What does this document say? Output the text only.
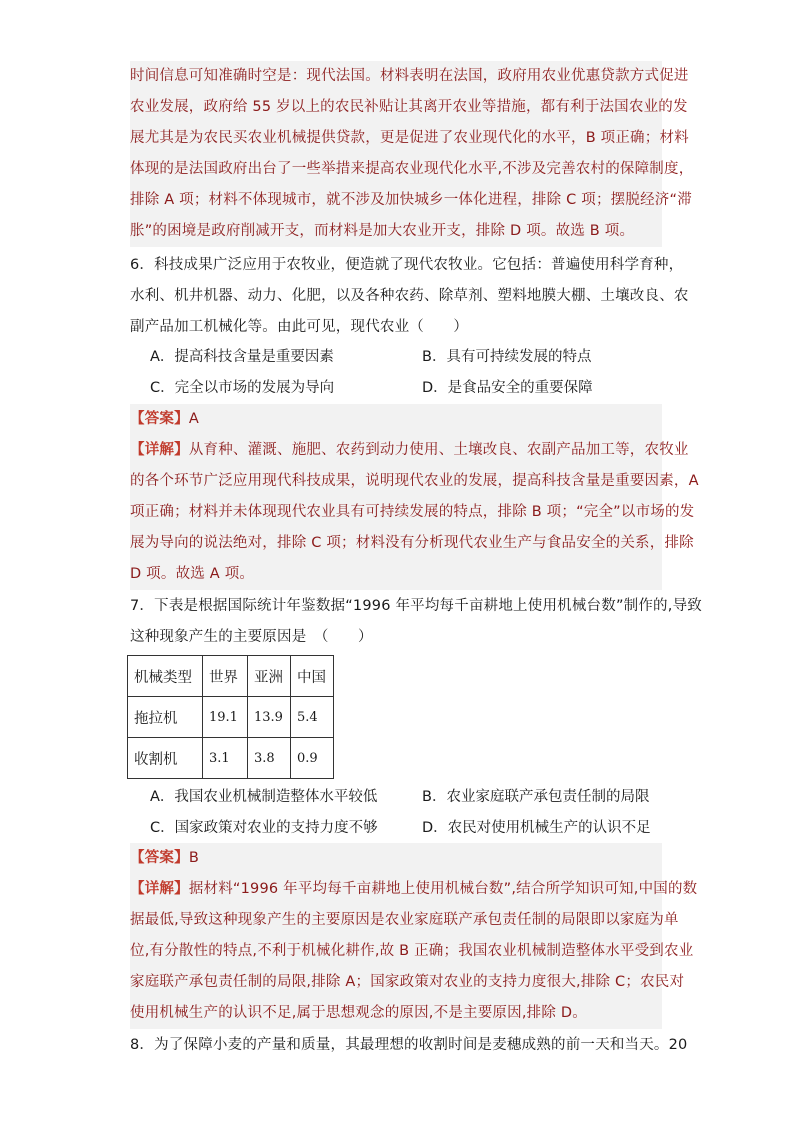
时间信息可知准确时空是：现代法国。材料表明在法国，政府用农业优惠贷款方式促进
农业发展，政府给 55 岁以上的农民补贴让其离开农业等措施，都有利于法国农业的发
展尤其是为农民买农业机械提供贷款，更是促进了农业现代化的水平，B 项正确；材料
体现的是法国政府出台了一些举措来提高农业现代化水平,不涉及完善农村的保障制度，
排除 A 项；材料不体现城市，就不涉及加快城乡一体化进程，排除 C 项；摆脱经济“滞
胀”的困境是政府削减开支，而材料是加大农业开支，排除 D 项。故选 B 项。
6．科技成果广泛应用于农牧业，便造就了现代农牧业。它包括：普遍使用科学育种，
水利、机井机器、动力、化肥，以及各种农药、除草剂、塑料地膜大棚、土壤改良、农
副产品加工机械化等。由此可见，现代农业（　　）
A．提高科技含量是重要因素	B．具有可持续发展的特点
C．完全以市场的发展为导向	D．是食品安全的重要保障
【答案】A
【详解】从育种、灌溉、施肥、农药到动力使用、土壤改良、农副产品加工等，农牧业
的各个环节广泛应用现代科技成果，说明现代农业的发展，提高科技含量是重要因素，A
项正确；材料并未体现现代农业具有可持续发展的特点，排除 B 项；“完全”以市场的发
展为导向的说法绝对，排除 C 项；材料没有分析现代农业生产与食品安全的关系，排除
D 项。故选 A 项。
7．下表是根据国际统计年鉴数据“1996 年平均每千亩耕地上使用机械台数”制作的,导致
这种现象产生的主要原因是　（　　）
机械类型	世界	亚洲	中国
拖拉机	19.1	13.9	5.4
收割机	3.1	3.8	0.9
A．我国农业机械制造整体水平较低	B．农业家庭联产承包责任制的局限
C．国家政策对农业的支持力度不够	D．农民对使用机械生产的认识不足
【答案】B
【详解】据材料“1996 年平均每千亩耕地上使用机械台数”,结合所学知识可知,中国的数
据最低,导致这种现象产生的主要原因是农业家庭联产承包责任制的局限即以家庭为单
位,有分散性的特点,不利于机械化耕作,故 B 正确；我国农业机械制造整体水平受到农业
家庭联产承包责任制的局限,排除 A；国家政策对农业的支持力度很大,排除 C；农民对
使用机械生产的认识不足,属于思想观念的原因,不是主要原因,排除 D。
8．为了保障小麦的产量和质量，其最理想的收割时间是麦穗成熟的前一天和当天。20
